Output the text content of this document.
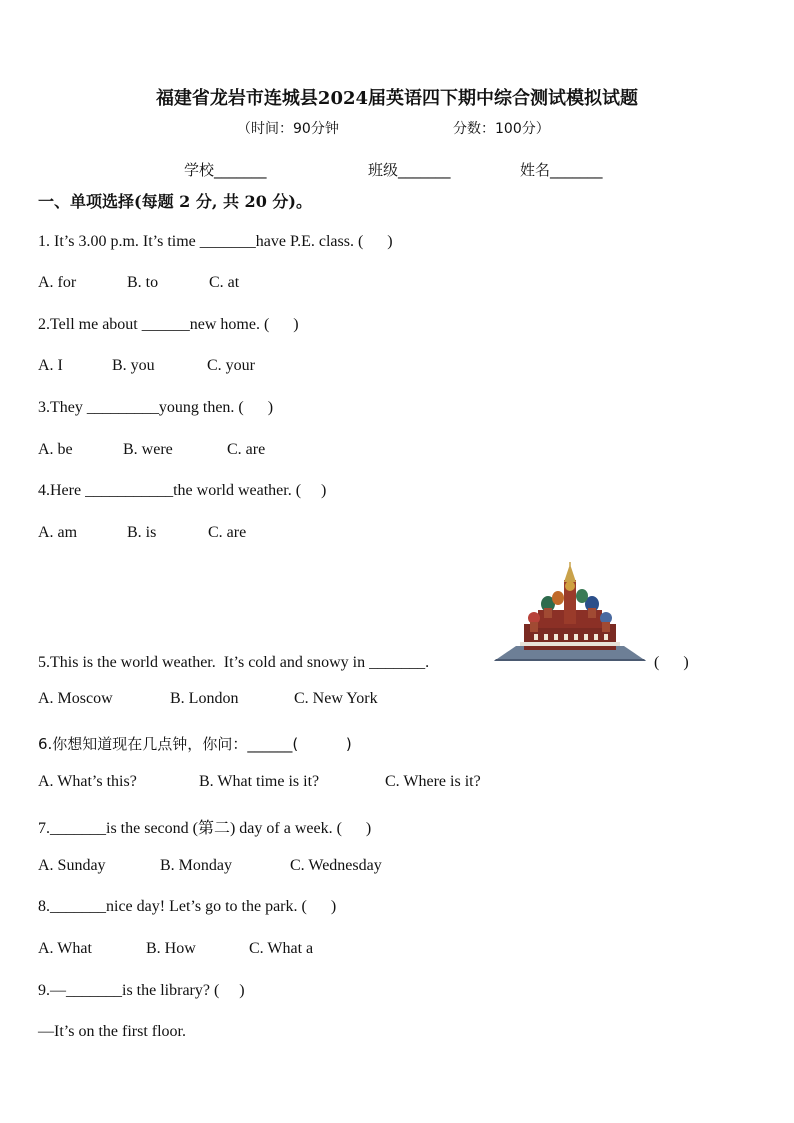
福建省龙岩市连城县2024届英语四下期中综合测试模拟试题
（时间：90分钟	分数：100分）
学校_______	班级_______	姓名_______
一、单项选择(每题 2 分, 共 20 分)。
1. It’s 3.00 p.m. It’s time _______have P.E. class. (      )
A. for	B. to	C. at
2.Tell me about ______new home. (      )
A. I	B. you	C. your
3.They _________young then. (      )
A. be	B. were	C. are
4.Here ___________the world weather. (     )
A. am	B. is	C. are
5.This is the world weather.  It’s cold and snowy in _______.	(      )
A. Moscow	B. London	C. New York
6.你想知道现在几点钟，你问：______(          )
A. What’s this?	B. What time is it?	C. Where is it?
7._______is the second (第二) day of a week. (      )
A. Sunday	B. Monday	C. Wednesday
8._______nice day! Let’s go to the park. (      )
A. What	B. How	C. What a
9.—_______is the library? (     )
—It’s on the first floor.
